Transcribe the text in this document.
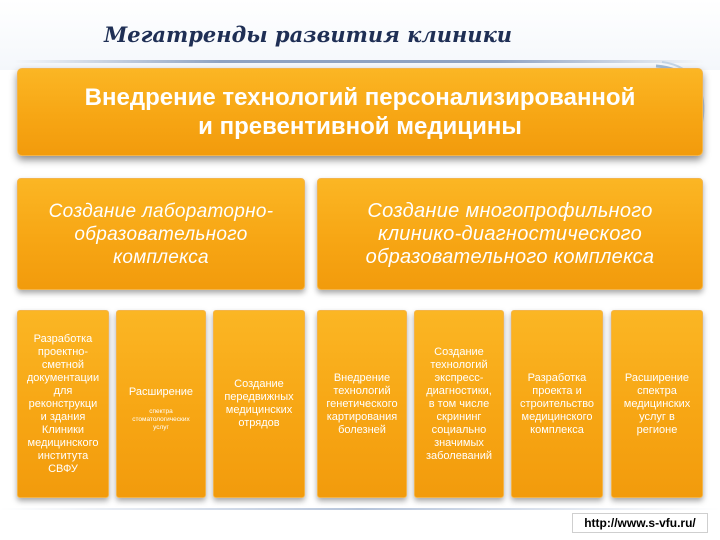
Мегатренды развития клиники
Внедрение технологий персонализированной
и превентивной медицины
Создание лабораторно-
образовательного
комплекса
Создание многопрофильного
клинико-диагностического
образовательного комплекса
Разработка
проектно-
сметной
документации
для
реконструкци
и здания
Клиники
медицинского
института
СВФУ

Расширение

спектра
стоматологических
услуг

Создание
передвижных
медицинских
отрядов
Внедрение
технологий
генетического
картирования
болезней
Создание
технологий
экспресс-
диагностики,
в том числе
скрининг
социально
значимых
заболеваний
Разработка
проекта и
строительство
медицинского
комплекса
Расширение
спектра
медицинских
услуг в
регионе
http://www.s-vfu.ru/
